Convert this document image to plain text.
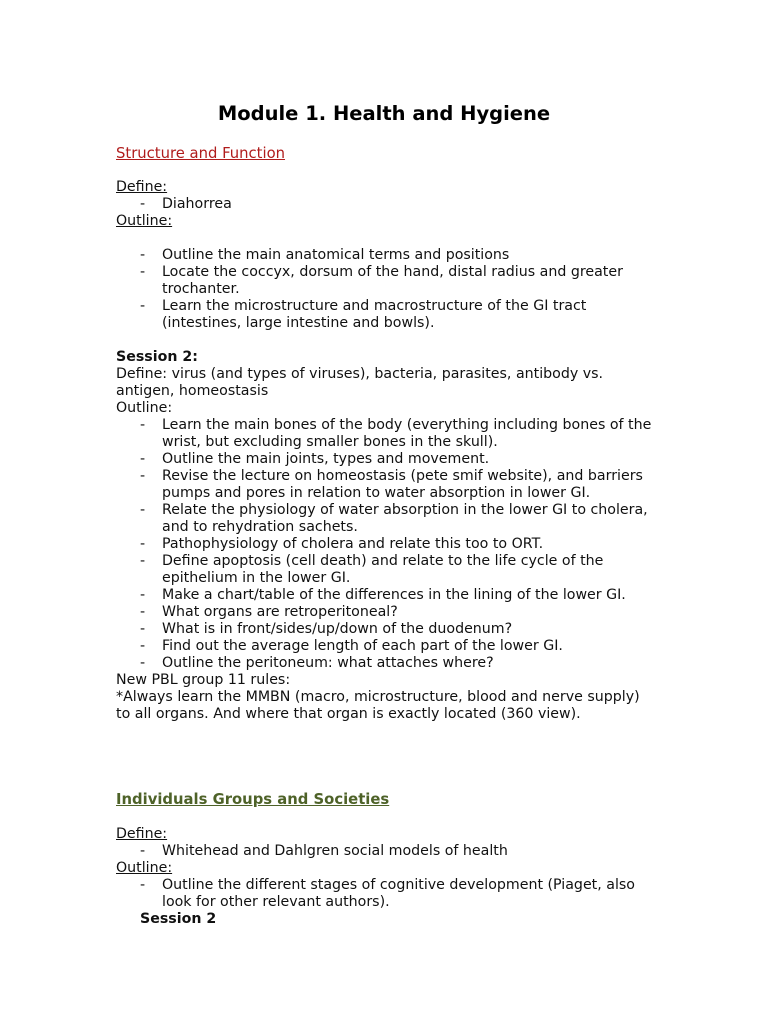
Module 1. Health and Hygiene
Structure and Function
Define:
- Diahorrea
Outline:
- Outline the main anatomical terms and positions
- Locate the coccyx, dorsum of the hand, distal radius and greater trochanter.
- Learn the microstructure and macrostructure of the GI tract (intestines, large intestine and bowls).
Session 2:
Define: virus (and types of viruses), bacteria, parasites, antibody vs. antigen, homeostasis
Outline:
- Learn the main bones of the body (everything including bones of the wrist, but excluding smaller bones in the skull).
- Outline the main joints, types and movement.
- Revise the lecture on homeostasis (pete smif website), and barriers pumps and pores in relation to water absorption in lower GI.
- Relate the physiology of water absorption in the lower GI to cholera, and to rehydration sachets.
- Pathophysiology of cholera and relate this too to ORT.
- Define apoptosis (cell death) and relate to the life cycle of the epithelium in the lower GI.
- Make a chart/table of the differences in the lining of the lower GI.
- What organs are retroperitoneal?
- What is in front/sides/up/down of the duodenum?
- Find out the average length of each part of the lower GI.
- Outline the peritoneum: what attaches where?
New PBL group 11 rules:
*Always learn the MMBN (macro, microstructure, blood and nerve supply) to all organs. And where that organ is exactly located (360 view).
Individuals Groups and Societies
Define:
- Whitehead and Dahlgren social models of health
Outline:
- Outline the different stages of cognitive development (Piaget, also look for other relevant authors).
Session 2
